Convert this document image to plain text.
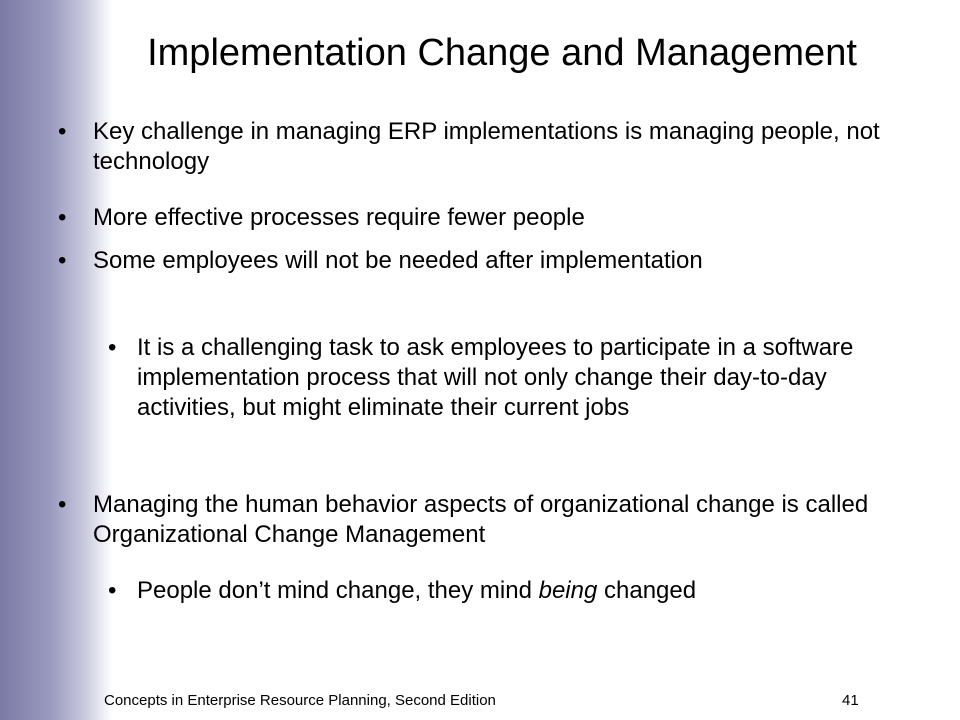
Implementation Change and Management
• Key challenge in managing ERP implementations is managing people, not technology
• More effective processes require fewer people
• Some employees will not be needed after implementation
• It is a challenging task to ask employees to participate in a software implementation process that will not only change their day-to-day activities, but might eliminate their current jobs
• Managing the human behavior aspects of organizational change is called Organizational Change Management
• People don’t mind change, they mind being changed
Concepts in Enterprise Resource Planning, Second Edition	41
